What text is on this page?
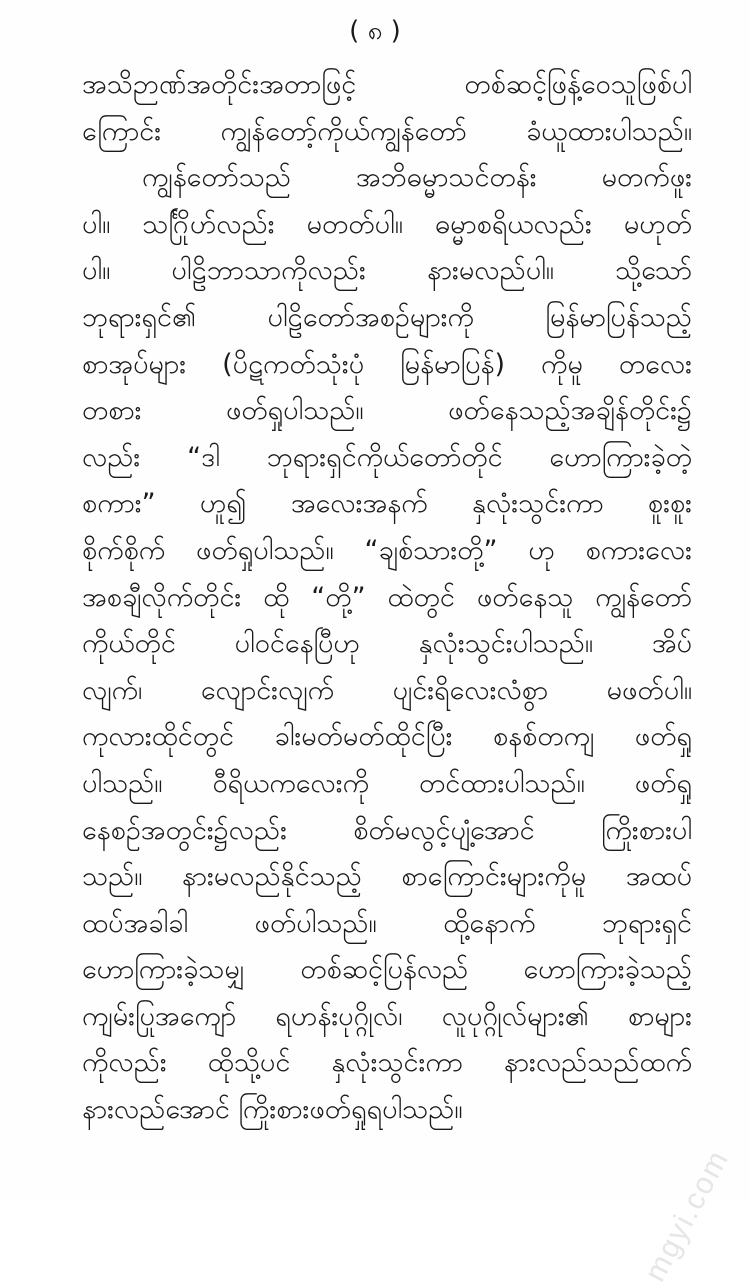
( ၈ )
အသိဉာဏ်အတိုင်းအတာဖြင့် တစ်ဆင့်ဖြန့်ဝေသူဖြစ်ပါ
ကြောင်း ကျွန်တော့်ကိုယ်ကျွန်တော် ခံယူထားပါသည်။
ကျွန်တော်သည် အဘိဓမ္မာသင်တန်း မတက်ဖူး
ပါ။ သင်္ဂြိုဟ်လည်း မတတ်ပါ။ ဓမ္မာစရိယလည်း မဟုတ်
ပါ။ ပါဠိဘာသာကိုလည်း နားမလည်ပါ။ သို့သော်
ဘုရားရှင်၏ ပါဠိတော်အစဉ်များကို မြန်မာပြန်သည့်
စာအုပ်များ (ပိဋကတ်သုံးပုံ မြန်မာပြန်) ကိုမူ တလေး
တစား ဖတ်ရှုပါသည်။ ဖတ်နေသည့်အချိန်တိုင်း၌
လည်း “ဒါ ဘုရားရှင်ကိုယ်တော်တိုင် ဟောကြားခဲ့တဲ့
စကား” ဟူ၍ အလေးအနက် နှလုံးသွင်းကာ စူးစူး
စိုက်စိုက် ဖတ်ရှုပါသည်။ “ချစ်သားတို့” ဟု စကားလေး
အစချီလိုက်တိုင်း ထို “တို့” ထဲတွင် ဖတ်နေသူ ကျွန်တော်
ကိုယ်တိုင် ပါဝင်နေပြီဟု နှလုံးသွင်းပါသည်။ အိပ်
လျက်၊ လျောင်းလျက် ပျင်းရိလေးလံစွာ မဖတ်ပါ။
ကုလားထိုင်တွင် ခါးမတ်မတ်ထိုင်ပြီး စနစ်တကျ ဖတ်ရှု
ပါသည်။ ဝီရိယကလေးကို တင်ထားပါသည်။ ဖတ်ရှု
နေစဉ်အတွင်း၌လည်း စိတ်မလွင့်ပျံ့အောင် ကြိုးစားပါ
သည်။ နားမလည်နိုင်သည့် စာကြောင်းများကိုမူ အထပ်
ထပ်အခါခါ ဖတ်ပါသည်။ ထို့နောက် ဘုရားရှင်
ဟောကြားခဲ့သမျှ တစ်ဆင့်ပြန်လည် ဟောကြားခဲ့သည့်
ကျမ်းပြုအကျော် ရဟန်းပုဂ္ဂိုလ်၊ လူပုဂ္ဂိုလ်များ၏ စာများ
ကိုလည်း ထိုသို့ပင် နှလုံးသွင်းကာ နားလည်သည်ထက်
နားလည်အောင် ကြိုးစားဖတ်ရှုရပါသည်။
mgyi.com
